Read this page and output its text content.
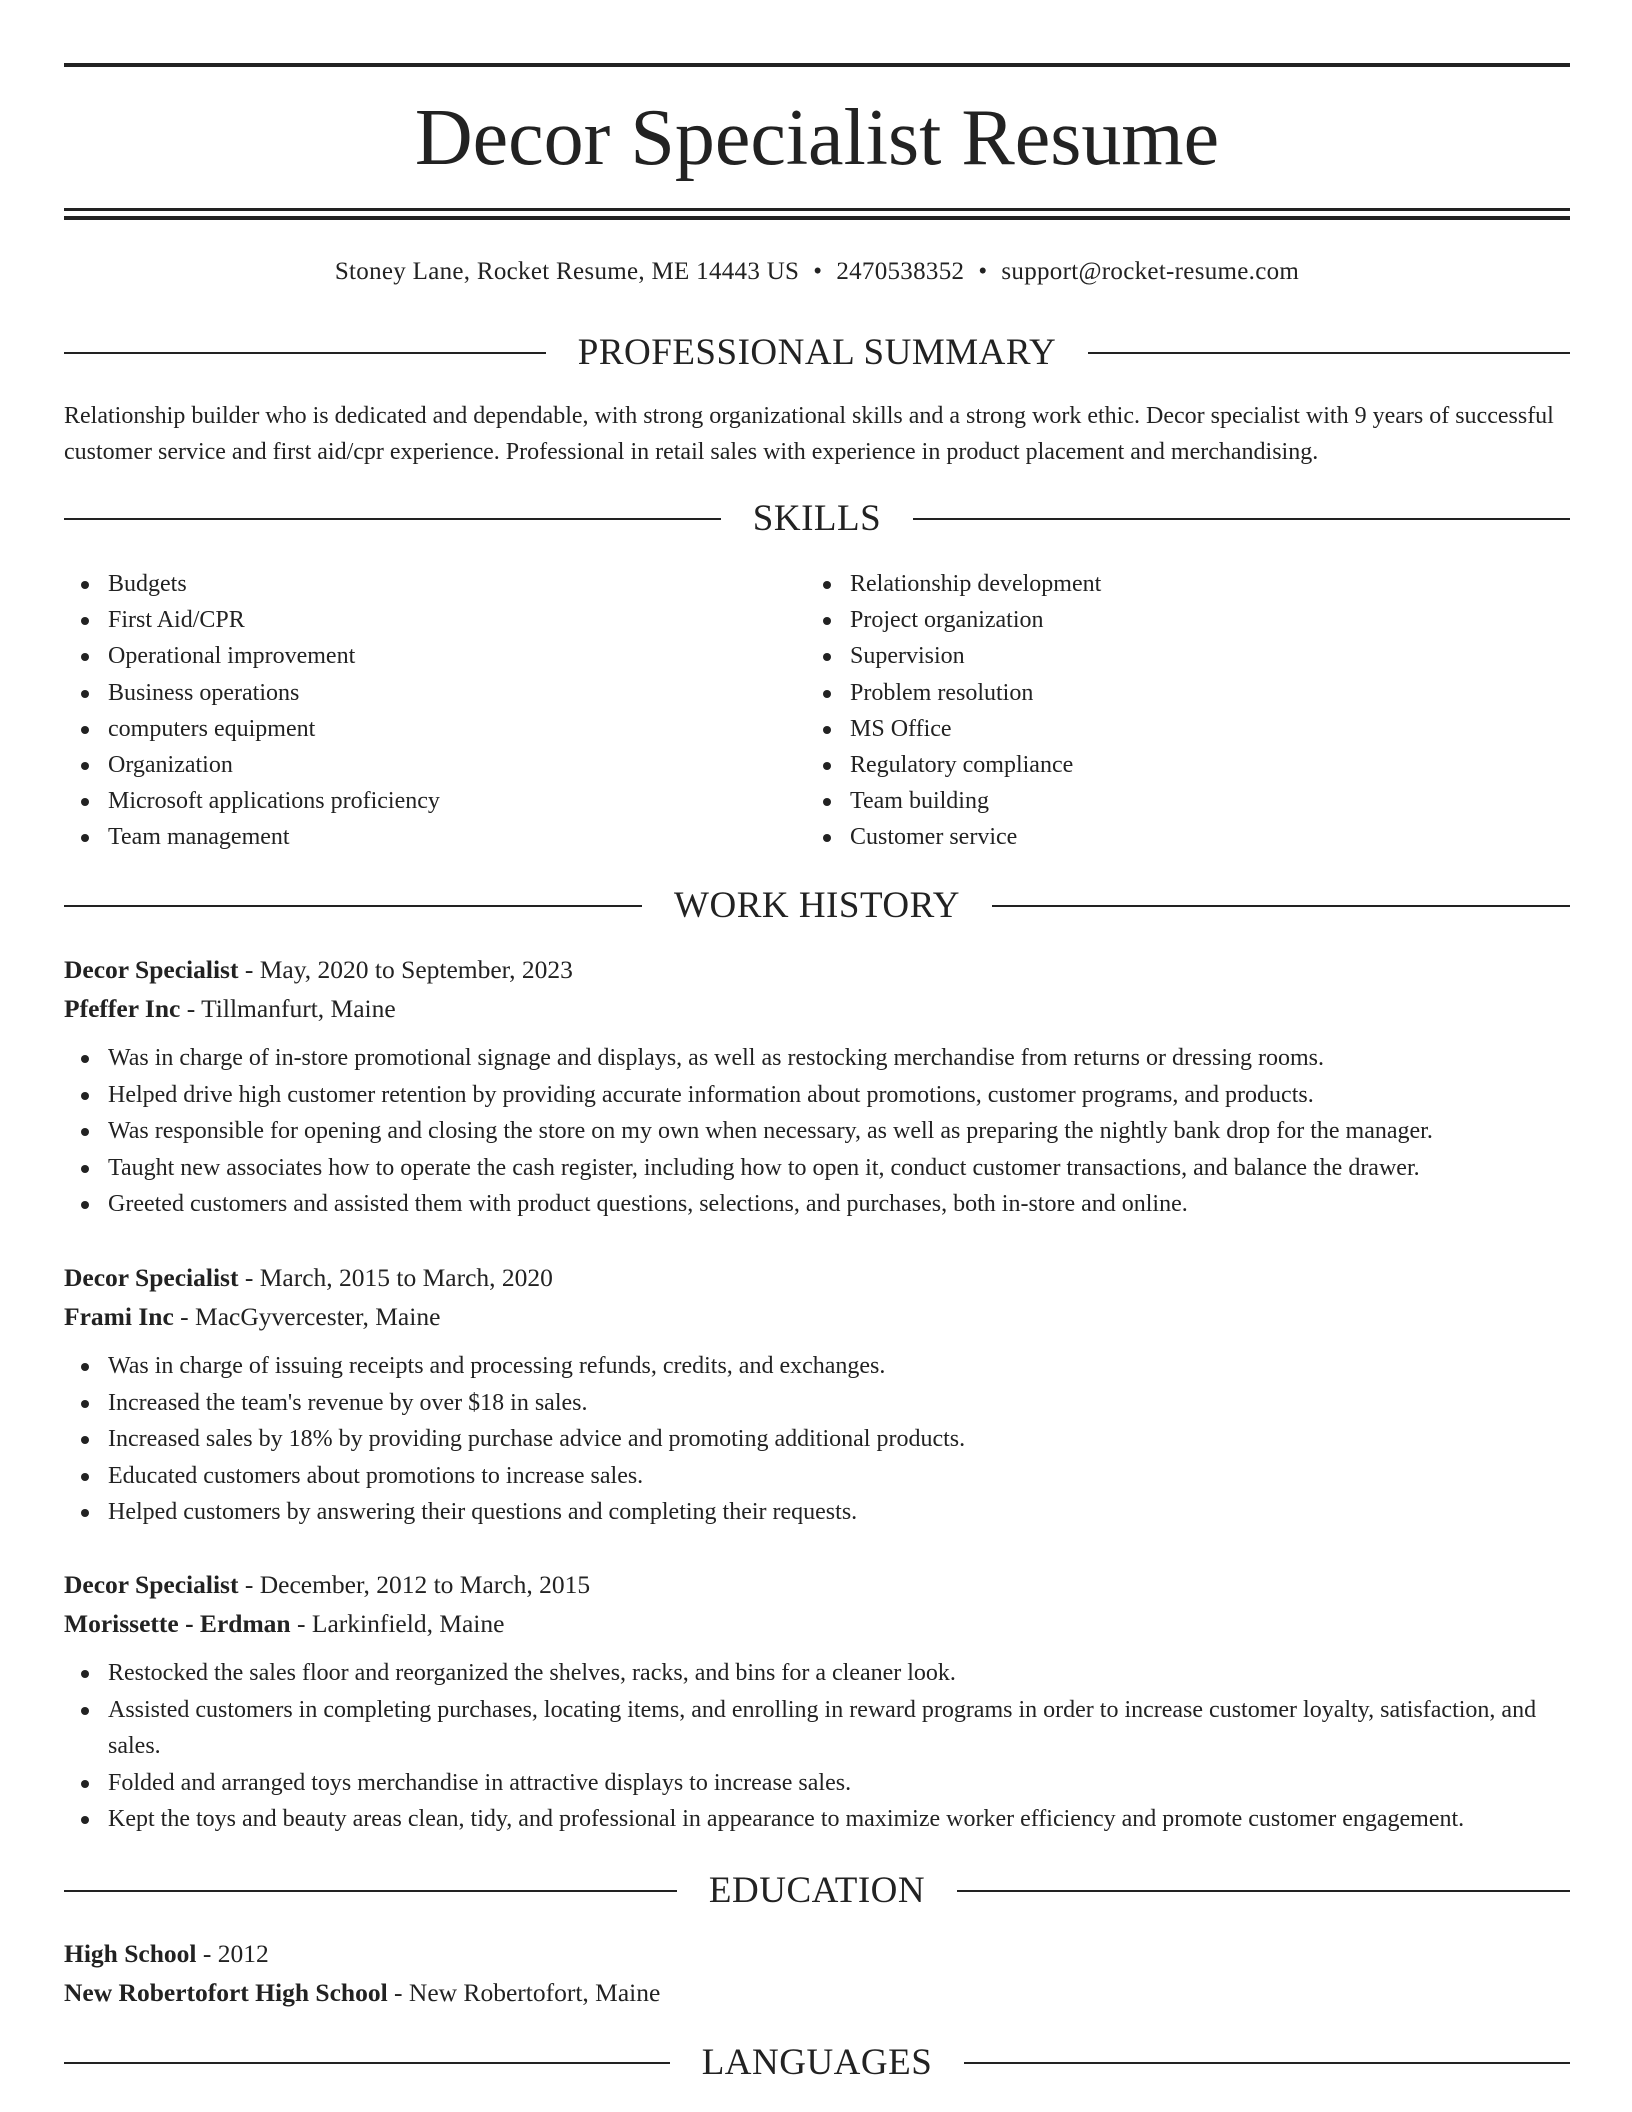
Decor Specialist Resume
Stoney Lane, Rocket Resume, ME 14443 US • 2470538352 • support@rocket-resume.com
PROFESSIONAL SUMMARY
Relationship builder who is dedicated and dependable, with strong organizational skills and a strong work ethic. Decor specialist with 9 years of successful customer service and first aid/cpr experience. Professional in retail sales with experience in product placement and merchandising.
SKILLS
Budgets
First Aid/CPR
Operational improvement
Business operations
computers equipment
Organization
Microsoft applications proficiency
Team management
Relationship development
Project organization
Supervision
Problem resolution
MS Office
Regulatory compliance
Team building
Customer service
WORK HISTORY
Decor Specialist - May, 2020 to September, 2023
Pfeffer Inc - Tillmanfurt, Maine
Was in charge of in-store promotional signage and displays, as well as restocking merchandise from returns or dressing rooms.
Helped drive high customer retention by providing accurate information about promotions, customer programs, and products.
Was responsible for opening and closing the store on my own when necessary, as well as preparing the nightly bank drop for the manager.
Taught new associates how to operate the cash register, including how to open it, conduct customer transactions, and balance the drawer.
Greeted customers and assisted them with product questions, selections, and purchases, both in-store and online.
Decor Specialist - March, 2015 to March, 2020
Frami Inc - MacGyvercester, Maine
Was in charge of issuing receipts and processing refunds, credits, and exchanges.
Increased the team's revenue by over $18 in sales.
Increased sales by 18% by providing purchase advice and promoting additional products.
Educated customers about promotions to increase sales.
Helped customers by answering their questions and completing their requests.
Decor Specialist - December, 2012 to March, 2015
Morissette - Erdman - Larkinfield, Maine
Restocked the sales floor and reorganized the shelves, racks, and bins for a cleaner look.
Assisted customers in completing purchases, locating items, and enrolling in reward programs in order to increase customer loyalty, satisfaction, and sales.
Folded and arranged toys merchandise in attractive displays to increase sales.
Kept the toys and beauty areas clean, tidy, and professional in appearance to maximize worker efficiency and promote customer engagement.
EDUCATION
High School - 2012
New Robertofort High School - New Robertofort, Maine
LANGUAGES
